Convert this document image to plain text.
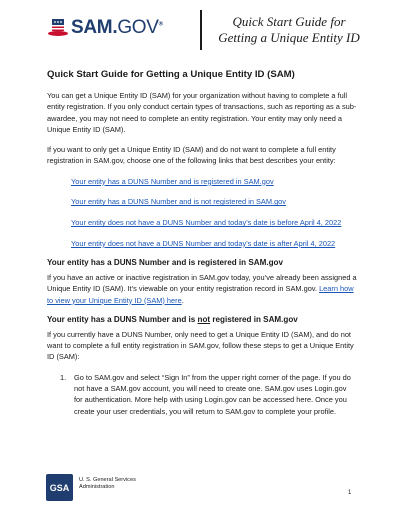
SAM.GOV®	Quick Start Guide for
Getting a Unique Entity ID
Quick Start Guide for Getting a Unique Entity ID (SAM)

You can get a Unique Entity ID (SAM) for your organization without having to complete a full entity registration. If you only conduct certain types of transactions, such as reporting as a sub-awardee, you may not need to complete an entity registration. Your entity may only need a Unique Entity ID (SAM).

If you want to only get a Unique Entity ID (SAM) and do not want to complete a full entity registration in SAM.gov, choose one of the following links that best describes your entity:

Your entity has a DUNS Number and is registered in SAM.gov
Your entity has a DUNS Number and is not registered in SAM.gov
Your entity does not have a DUNS Number and today’s date is before April 4, 2022
Your entity does not have a DUNS Number and today’s date is after April 4, 2022
Your entity has a DUNS Number and is registered in SAM.gov

If you have an active or inactive registration in SAM.gov today, you’ve already been assigned a Unique Entity ID (SAM). It’s viewable on your entity registration record in SAM.gov. Learn how to view your Unique Entity ID (SAM) here.

Your entity has a DUNS Number and is not registered in SAM.gov

If you currently have a DUNS Number, only need to get a Unique Entity ID (SAM), and do not want to complete a full entity registration in SAM.gov, follow these steps to get a Unique Entity ID (SAM):

1.	Go to SAM.gov and select “Sign In” from the upper right corner of the page. If you do not have a SAM.gov account, you will need to create one. SAM.gov uses Login.gov for authentication. More help with using Login.gov can be accessed here. Once you create your user credentials, you will return to SAM.gov to complete your profile.
GSA
U. S. General Services
Administration
1
